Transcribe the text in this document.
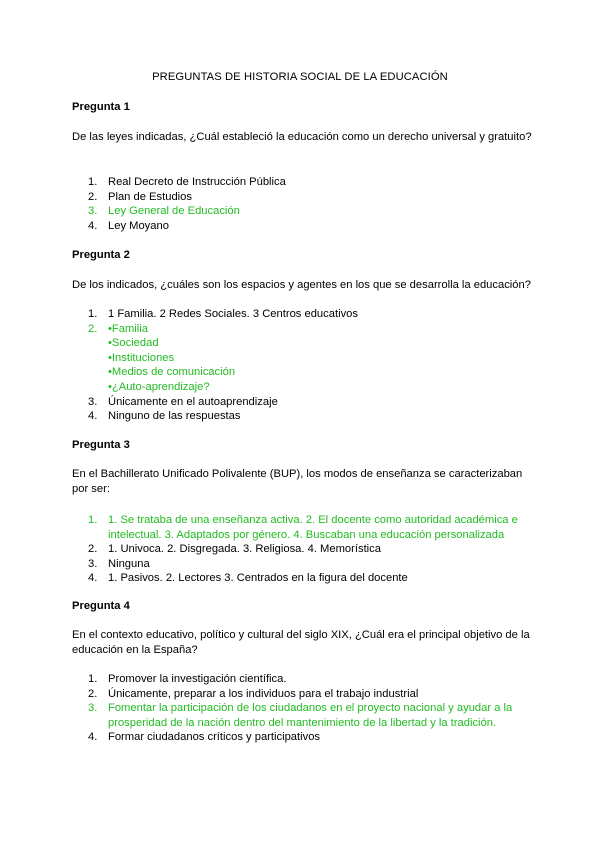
PREGUNTAS DE HISTORIA SOCIAL DE LA EDUCACIÓN
Pregunta 1
De las leyes indicadas, ¿Cuál estableció la educación como un derecho universal y gratuito?
1. Real Decreto de Instrucción Pública
2. Plan de Estudios
3. Ley General de Educación
4. Ley Moyano
Pregunta 2
De los indicados, ¿cuáles son los espacios y agentes en los que se desarrolla la educación?
1. 1 Familia. 2 Redes Sociales. 3 Centros educativos
2. •Familia
•Sociedad
•Instituciones
•Medios de comunicación
•¿Auto-aprendizaje?
3. Únicamente en el autoaprendizaje
4. Ninguno de las respuestas
Pregunta 3
En el Bachillerato Unificado Polivalente (BUP), los modos de enseñanza se caracterizaban por ser:
1. 1. Se trataba de una enseñanza activa. 2. El docente como autoridad académica e
intelectual. 3. Adaptados por género. 4. Buscaban una educación personalizada
2. 1. Univoca. 2. Disgregada. 3. Religiosa. 4. Memorística
3. Ninguna
4. 1. Pasivos. 2. Lectores 3. Centrados en la figura del docente
Pregunta 4
En el contexto educativo, político y cultural del siglo XIX, ¿Cuál era el principal objetivo de la educación en la España?
1. Promover la investigación científica.
2. Únicamente, preparar a los individuos para el trabajo industrial
3. Fomentar la participación de los ciudadanos en el proyecto nacional y ayudar a la
prosperidad de la nación dentro del mantenimiento de la libertad y la tradición.
4. Formar ciudadanos críticos y participativos
